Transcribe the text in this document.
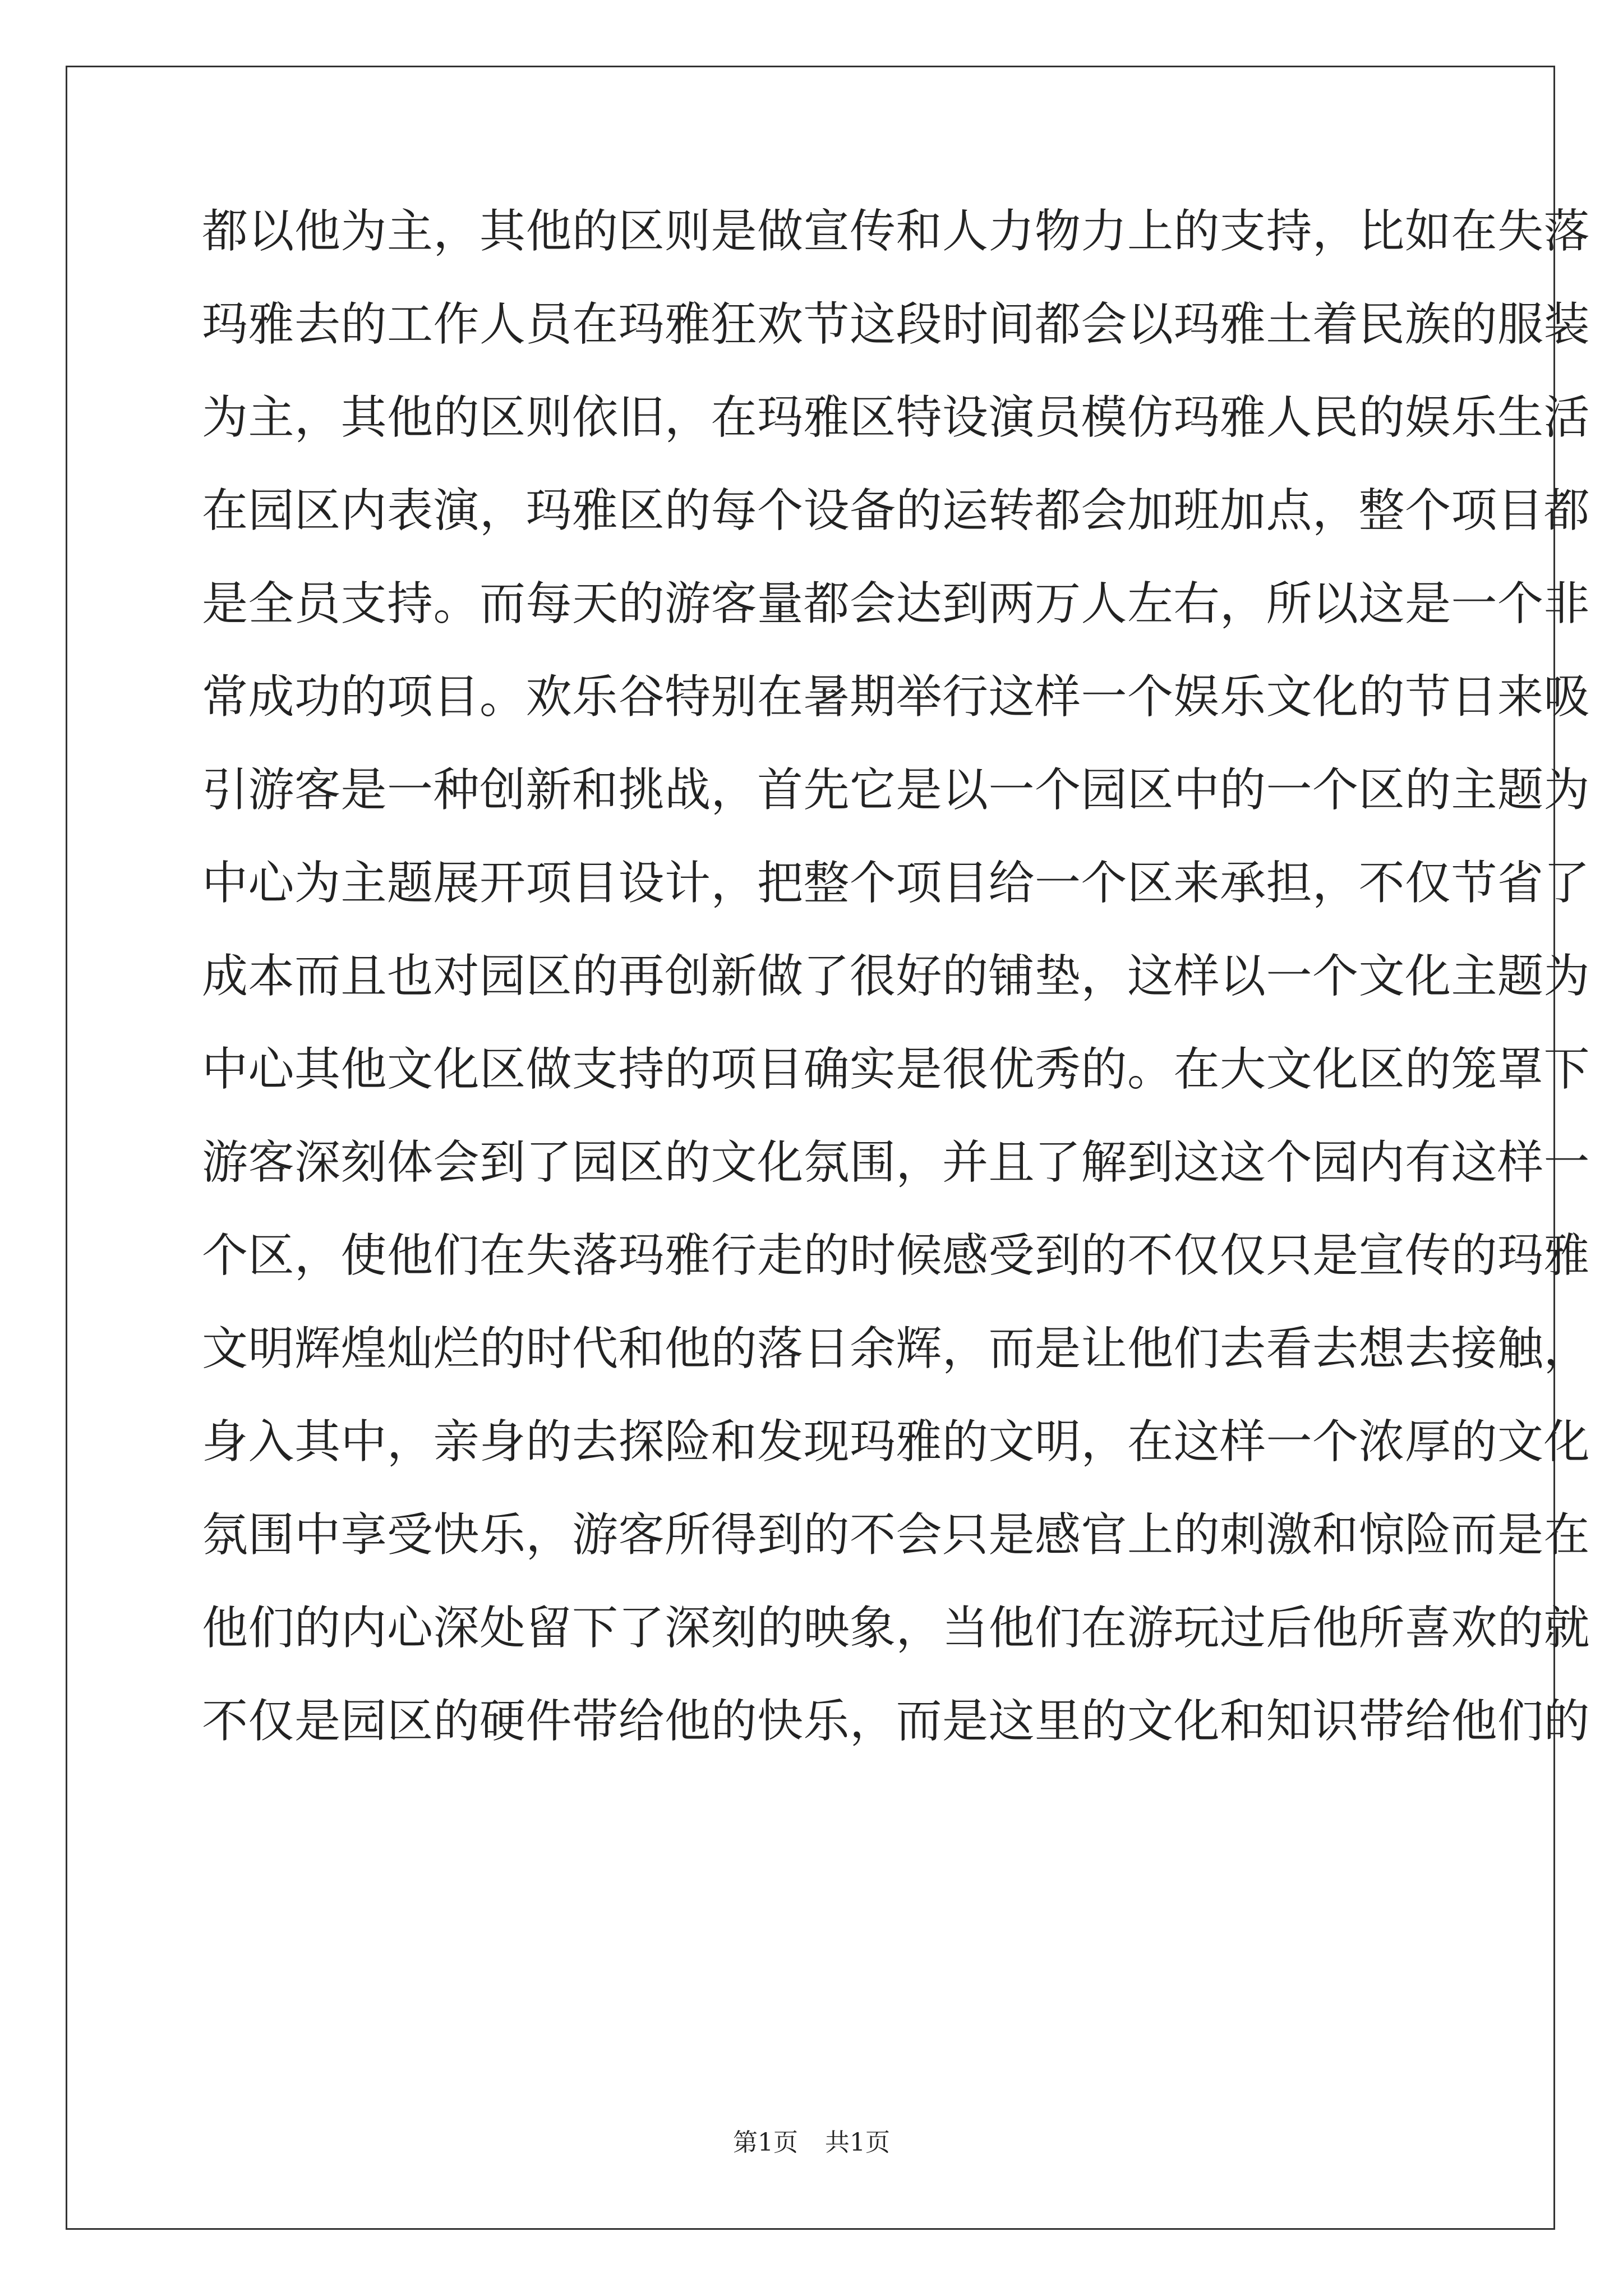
都以他为主，其他的区则是做宣传和人力物力上的支持，比如在失落
玛雅去的工作人员在玛雅狂欢节这段时间都会以玛雅土着民族的服装
为主，其他的区则依旧，在玛雅区特设演员模仿玛雅人民的娱乐生活
在园区内表演，玛雅区的每个设备的运转都会加班加点，整个项目都
是全员支持。而每天的游客量都会达到两万人左右，所以这是一个非
常成功的项目。欢乐谷特别在暑期举行这样一个娱乐文化的节日来吸
引游客是一种创新和挑战，首先它是以一个园区中的一个区的主题为
中心为主题展开项目设计，把整个项目给一个区来承担，不仅节省了
成本而且也对园区的再创新做了很好的铺垫，这样以一个文化主题为
中心其他文化区做支持的项目确实是很优秀的。在大文化区的笼罩下
游客深刻体会到了园区的文化氛围，并且了解到这这个园内有这样一
个区，使他们在失落玛雅行走的时候感受到的不仅仅只是宣传的玛雅
文明辉煌灿烂的时代和他的落日余辉，而是让他们去看去想去接触，
身入其中，亲身的去探险和发现玛雅的文明，在这样一个浓厚的文化
氛围中享受快乐，游客所得到的不会只是感官上的刺激和惊险而是在
他们的内心深处留下了深刻的映象，当他们在游玩过后他所喜欢的就
不仅是园区的硬件带给他的快乐，而是这里的文化和知识带给他们的
第1页 共1页
